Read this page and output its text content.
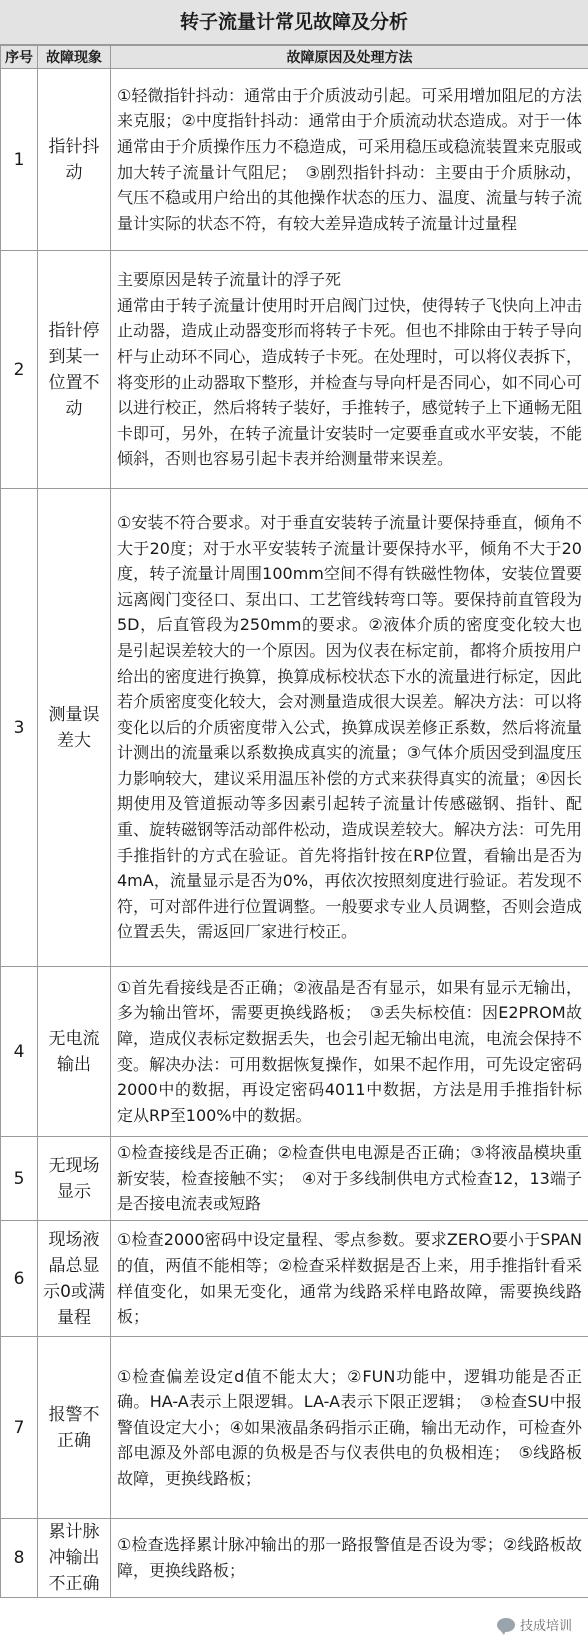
转子流量计常见故障及分析
序号	故障现象	故障原因及处理方法
1	指针抖动	①轻微指针抖动：通常由于介质波动引起。可采用增加阻尼的方法来克服；②中度指针抖动：通常由于介质流动状态造成。对于一体通常由于介质操作压力不稳造成，可采用稳压或稳流装置来克服或加大转子流量计气阻尼；　③剧烈指针抖动：主要由于介质脉动，气压不稳或用户给出的其他操作状态的压力、温度、流量与转子流量计实际的状态不符，有较大差异造成转子流量计过量程

2	指针停到某一位置不动	主要原因是转子流量计的浮子死
通常由于转子流量计使用时开启阀门过快，使得转子飞快向上冲击止动器，造成止动器变形而将转子卡死。但也不排除由于转子导向杆与止动环不同心，造成转子卡死。在处理时，可以将仪表拆下，将变形的止动器取下整形，并检查与导向杆是否同心，如不同心可以进行校正，然后将转子装好，手推转子，感觉转子上下通畅无阻卡即可，另外，在转子流量计安装时一定要垂直或水平安装，不能倾斜，否则也容易引起卡表并给测量带来误差。

3	测量误差大	①安装不符合要求。对于垂直安装转子流量计要保持垂直，倾角不大于20度；对于水平安装转子流量计要保持水平，倾角不大于20度，转子流量计周围100mm空间不得有铁磁性物体，安装位置要远离阀门变径口、泵出口、工艺管线转弯口等。要保持前直管段为5D，后直管段为250mm的要求。②液体介质的密度变化较大也是引起误差较大的一个原因。因为仪表在标定前，都将介质按用户给出的密度进行换算，换算成标校状态下水的流量进行标定，因此若介质密度变化较大，会对测量造成很大误差。解决方法：可以将变化以后的介质密度带入公式，换算成误差修正系数，然后将流量计测出的流量乘以系数换成真实的流量；③气体介质因受到温度压力影响较大，建议采用温压补偿的方式来获得真实的流量；④因长期使用及管道振动等多因素引起转子流量计传感磁钢、指针、配重、旋转磁钢等活动部件松动，造成误差较大。解决方法：可先用手推指针的方式在验证。首先将指针按在RP位置，看输出是否为4mA，流量显示是否为0%，再依次按照刻度进行验证。若发现不符，可对部件进行位置调整。一般要求专业人员调整，否则会造成位置丢失，需返回厂家进行校正。

4	无电流输出	①首先看接线是否正确；②液晶是否有显示，如果有显示无输出，多为输出管坏，需要更换线路板；　③丢失标校值：因E2PROM故障，造成仪表标定数据丢失，也会引起无输出电流，电流会保持不变。解决办法：可用数据恢复操作，如果不起作用，可先设定密码2000中的数据，再设定密码4011中数据，方法是用手推指针标定从RP至100%中的数据。

5	无现场显示	①检查接线是否正确；②检查供电电源是否正确；③将液晶模块重新安装，检查接触不实；　④对于多线制供电方式检查12，13端子是否接电流表或短路

6	现场液晶总显示0或满量程	①检查2000密码中设定量程、零点参数。要求ZERO要小于SPAN的值，两值不能相等；②检查采样数据是否上来，用手推指针看采样值变化，如果无变化，通常为线路采样电路故障，需要换线路板；

7	报警不正确	①检查偏差设定d值不能太大；②FUN功能中，逻辑功能是否正确。HA-A表示上限逻辑。LA-A表示下限正逻辑；　③检查SU中报警值设定大小；④如果液晶条码指示正确，输出无动作，可检查外部电源及外部电源的负极是否与仪表供电的负极相连；　⑤线路板故障，更换线路板；

8	累计脉冲输出不正确	①检查选择累计脉冲输出的那一路报警值是否设为零；②线路板故障，更换线路板；
技成培训
